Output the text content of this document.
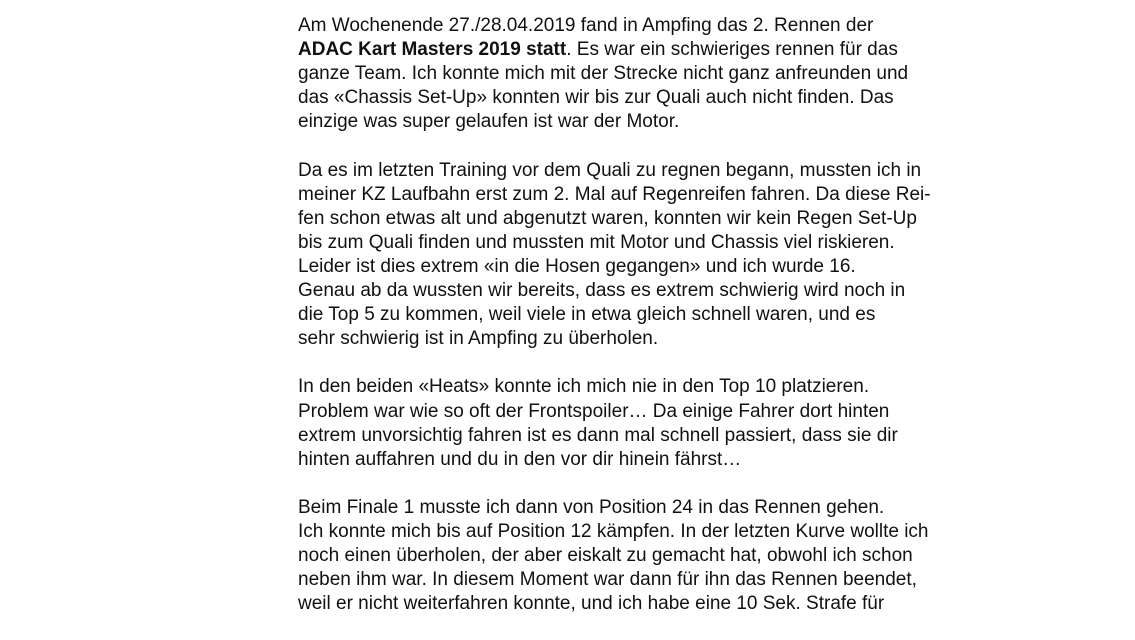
Am Wochenende 27./28.04.2019 fand in Ampfing das 2. Rennen der
ADAC Kart Masters 2019 statt. Es war ein schwieriges rennen für das
ganze Team. Ich konnte mich mit der Strecke nicht ganz anfreunden und
das «Chassis Set-Up» konnten wir bis zur Quali auch nicht finden. Das
einzige was super gelaufen ist war der Motor.
Da es im letzten Training vor dem Quali zu regnen begann, mussten ich in
meiner KZ Laufbahn erst zum 2. Mal auf Regenreifen fahren. Da diese Rei-
fen schon etwas alt und abgenutzt waren, konnten wir kein Regen Set-Up
bis zum Quali finden und mussten mit Motor und Chassis viel riskieren.
Leider ist dies extrem «in die Hosen gegangen» und ich wurde 16.
Genau ab da wussten wir bereits, dass es extrem schwierig wird noch in
die Top 5 zu kommen, weil viele in etwa gleich schnell waren, und es
sehr schwierig ist in Ampfing zu überholen.
In den beiden «Heats» konnte ich mich nie in den Top 10 platzieren.
Problem war wie so oft der Frontspoiler… Da einige Fahrer dort hinten
extrem unvorsichtig fahren ist es dann mal schnell passiert, dass sie dir
hinten auffahren und du in den vor dir hinein fährst…
Beim Finale 1 musste ich dann von Position 24 in das Rennen gehen.
Ich konnte mich bis auf Position 12 kämpfen. In der letzten Kurve wollte ich
noch einen überholen, der aber eiskalt zu gemacht hat, obwohl ich schon
neben ihm war. In diesem Moment war dann für ihn das Rennen beendet,
weil er nicht weiterfahren konnte, und ich habe eine 10 Sek. Strafe für
